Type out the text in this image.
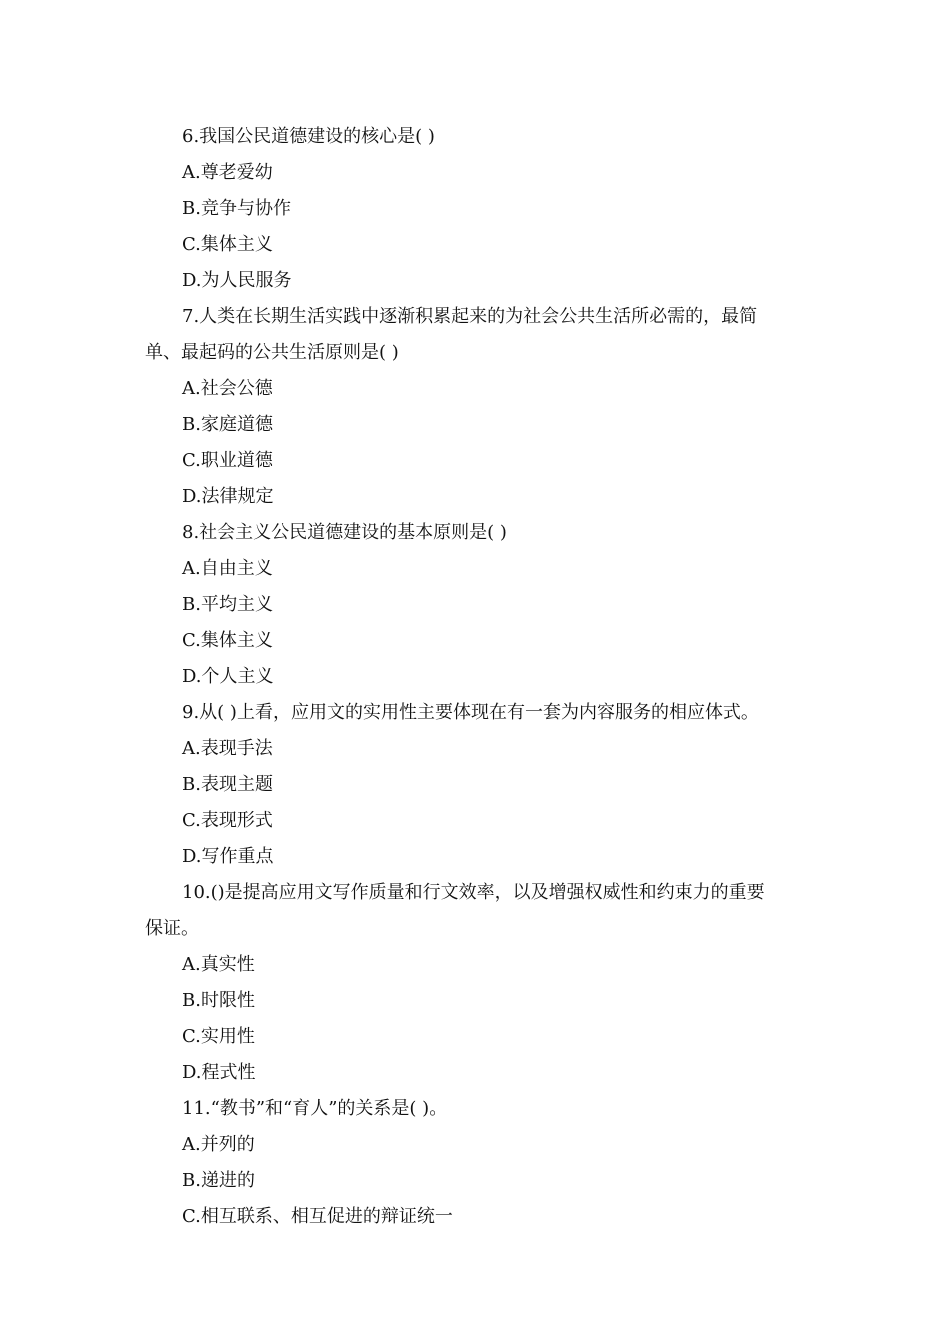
6.我国公民道德建设的核心是( )
A.尊老爱幼
B.竞争与协作
C.集体主义
D.为人民服务
7.人类在长期生活实践中逐渐积累起来的为社会公共生活所必需的，最简
单、最起码的公共生活原则是( )
A.社会公德
B.家庭道德
C.职业道德
D.法律规定
8.社会主义公民道德建设的基本原则是( )
A.自由主义
B.平均主义
C.集体主义
D.个人主义
9.从( )上看，应用文的实用性主要体现在有一套为内容服务的相应体式。
A.表现手法
B.表现主题
C.表现形式
D.写作重点
10.()是提高应用文写作质量和行文效率，以及增强权威性和约束力的重要
保证。
A.真实性
B.时限性
C.实用性
D.程式性
11.“教书”和“育人”的关系是( )。
A.并列的
B.递进的
C.相互联系、相互促进的辩证统一
